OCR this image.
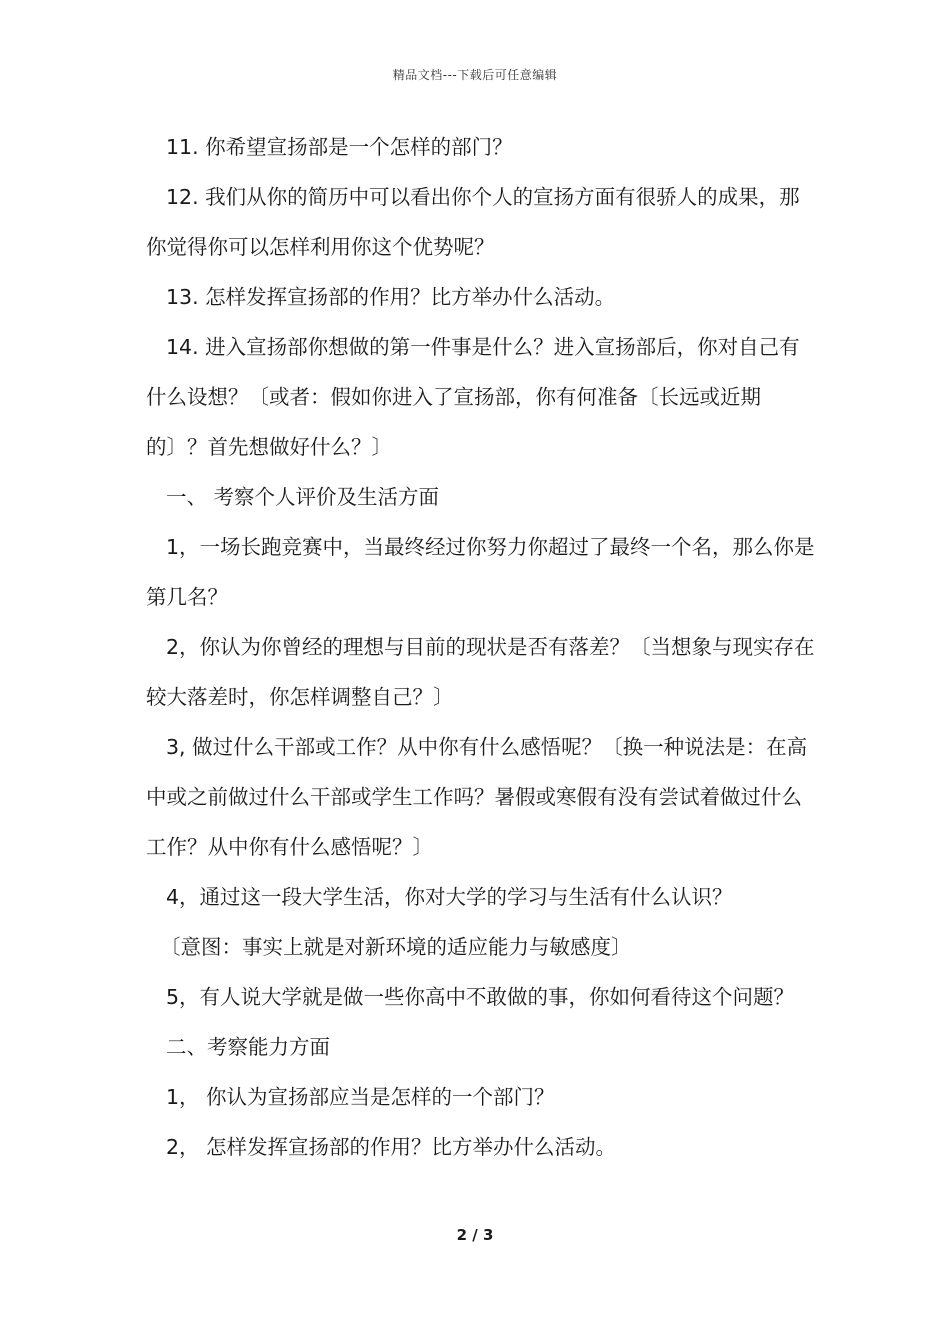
精品文档---下载后可任意编辑

11. 你希望宣扬部是一个怎样的部门？

12. 我们从你的简历中可以看出你个人的宣扬方面有很骄人的成果，那你觉得你可以怎样利用你这个优势呢？

13. 怎样发挥宣扬部的作用？比方举办什么活动。

14. 进入宣扬部你想做的第一件事是什么？进入宣扬部后，你对自己有什么设想？〔或者：假如你进入了宣扬部，你有何准备〔长远或近期的〕？首先想做好什么？〕

一、 考察个人评价及生活方面

1，一场长跑竞赛中，当最终经过你努力你超过了最终一个名，那么你是第几名？

2，你认为你曾经的理想与目前的现状是否有落差？〔当想象与现实存在较大落差时，你怎样调整自己？〕

3, 做过什么干部或工作？从中你有什么感悟呢？〔换一种说法是：在高中或之前做过什么干部或学生工作吗？暑假或寒假有没有尝试着做过什么工作？从中你有什么感悟呢？〕

4，通过这一段大学生活，你对大学的学习与生活有什么认识？

〔意图：事实上就是对新环境的适应能力与敏感度〕

5，有人说大学就是做一些你高中不敢做的事，你如何看待这个问题？

二、考察能力方面

1， 你认为宣扬部应当是怎样的一个部门？

2， 怎样发挥宣扬部的作用？比方举办什么活动。

2 / 3
